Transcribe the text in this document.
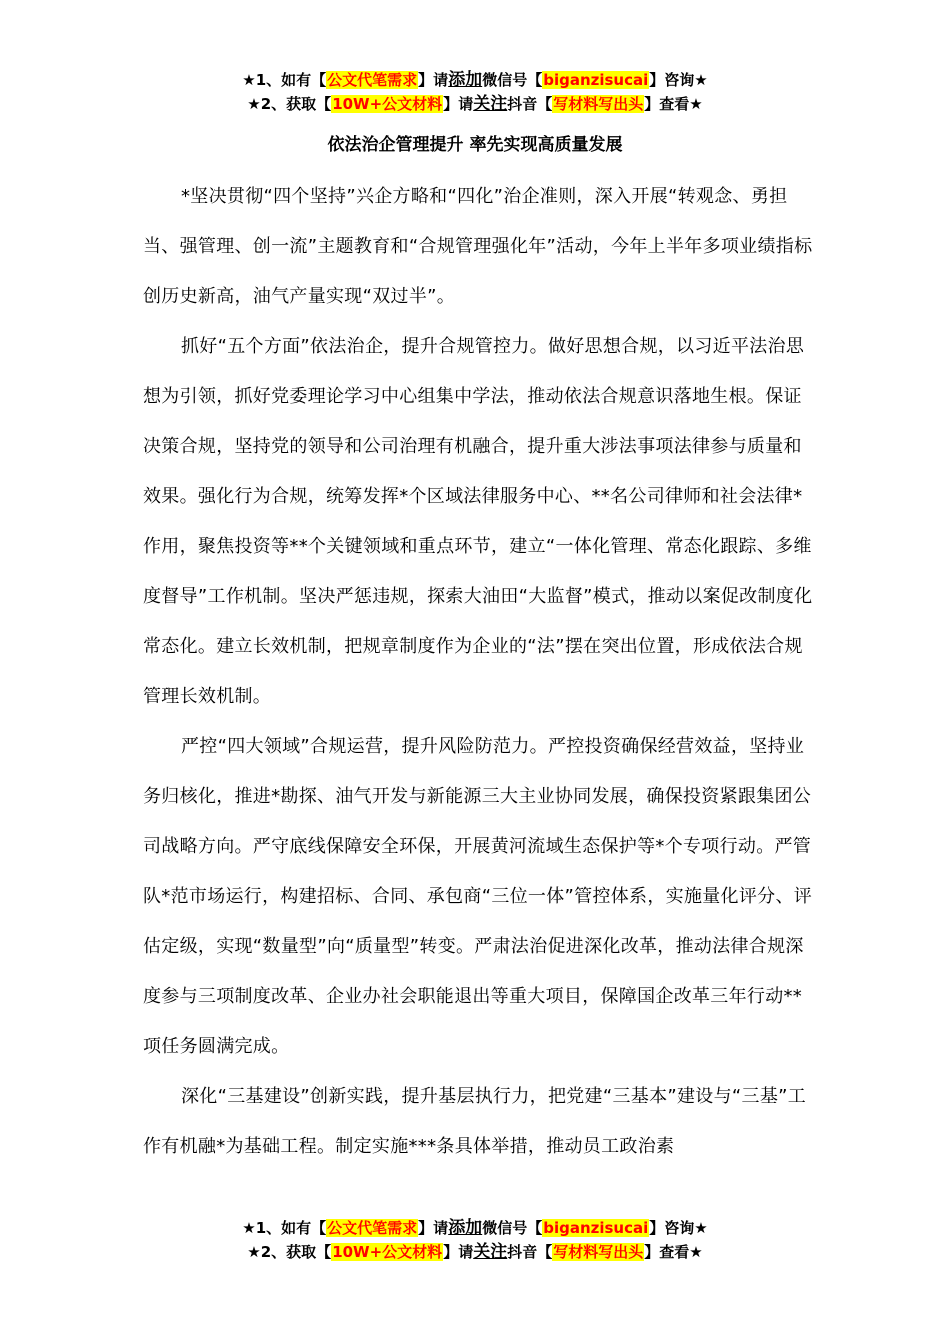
★1、如有【公文代笔需求】请添加微信号【biganzisucai】咨询★
★2、获取【10W+公文材料】请关注抖音【写材料写出头】查看★
依法治企管理提升 率先实现高质量发展

*坚决贯彻“四个坚持”兴企方略和“四化”治企准则，深入开展“转观念、勇担当、强管理、创一流”主题教育和“合规管理强化年”活动，今年上半年多项业绩指标创历史新高，油气产量实现“双过半”。

抓好“五个方面”依法治企，提升合规管控力。做好思想合规，以习近平法治思想为引领，抓好党委理论学习中心组集中学法，推动依法合规意识落地生根。保证决策合规，坚持党的领导和公司治理有机融合，提升重大涉法事项法律参与质量和效果。强化行为合规，统筹发挥*个区域法律服务中心、**名公司律师和社会法律*作用，聚焦投资等**个关键领域和重点环节，建立“一体化管理、常态化跟踪、多维度督导”工作机制。坚决严惩违规，探索大油田“大监督”模式，推动以案促改制度化常态化。建立长效机制，把规章制度作为企业的“法”摆在突出位置，形成依法合规管理长效机制。

严控“四大领域”合规运营，提升风险防范力。严控投资确保经营效益，坚持业务归核化，推进*勘探、油气开发与新能源三大主业协同发展，确保投资紧跟集团公司战略方向。严守底线保障安全环保，开展黄河流域生态保护等*个专项行动。严管队*范市场运行，构建招标、合同、承包商“三位一体”管控体系，实施量化评分、评估定级，实现“数量型”向“质量型”转变。严肃法治促进深化改革，推动法律合规深度参与三项制度改革、企业办社会职能退出等重大项目，保障国企改革三年行动**项任务圆满完成。

深化“三基建设”创新实践，提升基层执行力，把党建“三基本”建设与“三基”工作有机融*为基础工程。制定实施***条具体举措，推动员工政治素

★1、如有【公文代笔需求】请添加微信号【biganzisucai】咨询★
★2、获取【10W+公文材料】请关注抖音【写材料写出头】查看★
